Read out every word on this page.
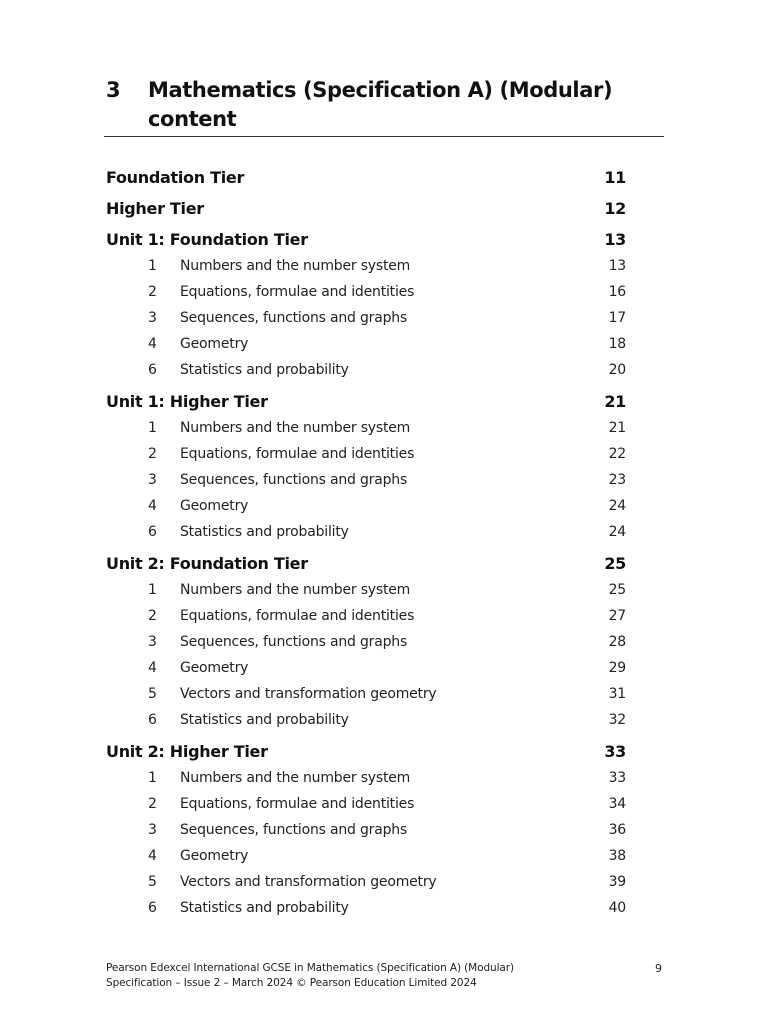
3 Mathematics (Specification A) (Modular) content
Foundation Tier	11
Higher Tier	12
Unit 1: Foundation Tier	13
1 Numbers and the number system	13
2 Equations, formulae and identities	16
3 Sequences, functions and graphs	17
4 Geometry	18
6 Statistics and probability	20
Unit 1: Higher Tier	21
1 Numbers and the number system	21
2 Equations, formulae and identities	22
3 Sequences, functions and graphs	23
4 Geometry	24
6 Statistics and probability	24
Unit 2: Foundation Tier	25
1 Numbers and the number system	25
2 Equations, formulae and identities	27
3 Sequences, functions and graphs	28
4 Geometry	29
5 Vectors and transformation geometry	31
6 Statistics and probability	32
Unit 2: Higher Tier	33
1 Numbers and the number system	33
2 Equations, formulae and identities	34
3 Sequences, functions and graphs	36
4 Geometry	38
5 Vectors and transformation geometry	39
6 Statistics and probability	40
Pearson Edexcel International GCSE in Mathematics (Specification A) (Modular)
Specification – Issue 2 – March 2024 © Pearson Education Limited 2024
9
